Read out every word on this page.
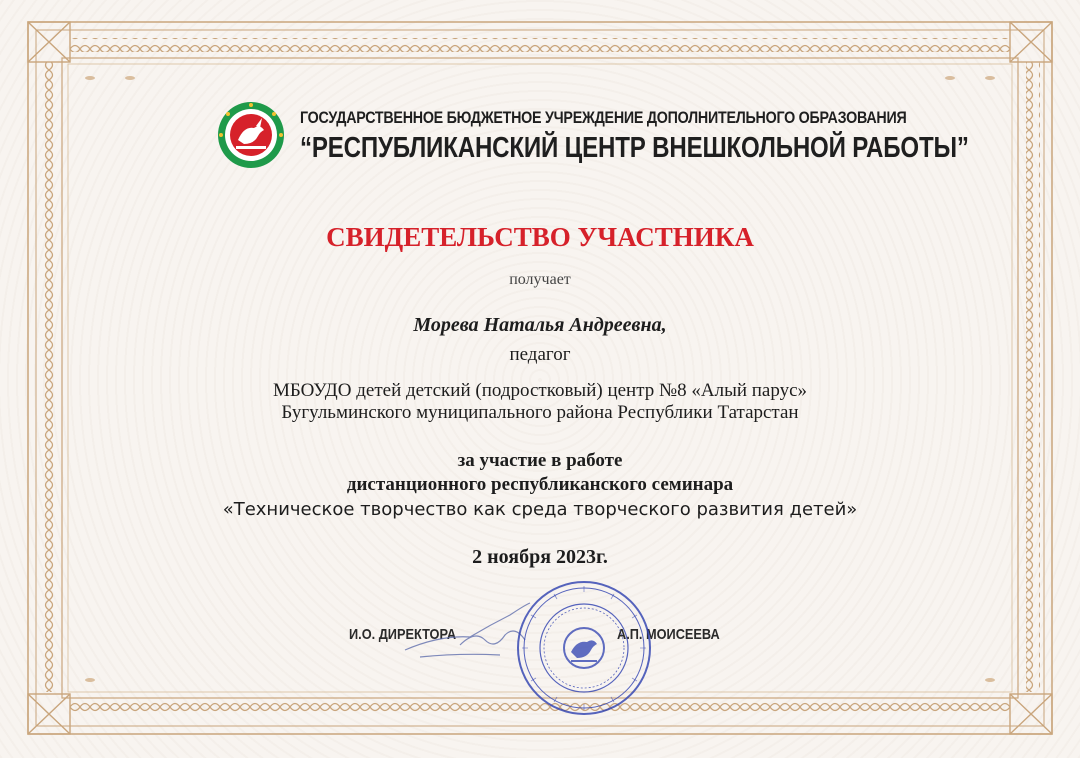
ГОСУДАРСТВЕННОЕ БЮДЖЕТНОЕ УЧРЕЖДЕНИЕ ДОПОЛНИТЕЛЬНОГО ОБРАЗОВАНИЯ
“РЕСПУБЛИКАНСКИЙ ЦЕНТР ВНЕШКОЛЬНОЙ РАБОТЫ”
СВИДЕТЕЛЬСТВО УЧАСТНИКА
получает
Морева Наталья Андреевна,
педагог
МБОУДО детей детский (подростковый) центр №8 «Алый парус»
Бугульминского муниципального района Республики Татарстан
за участие в работе
дистанционного республиканского семинара
«Техническое творчество как среда творческого развития детей»
2 ноября 2023г.
И.О. ДИРЕКТОРА	А.П. МОИСЕЕВА
